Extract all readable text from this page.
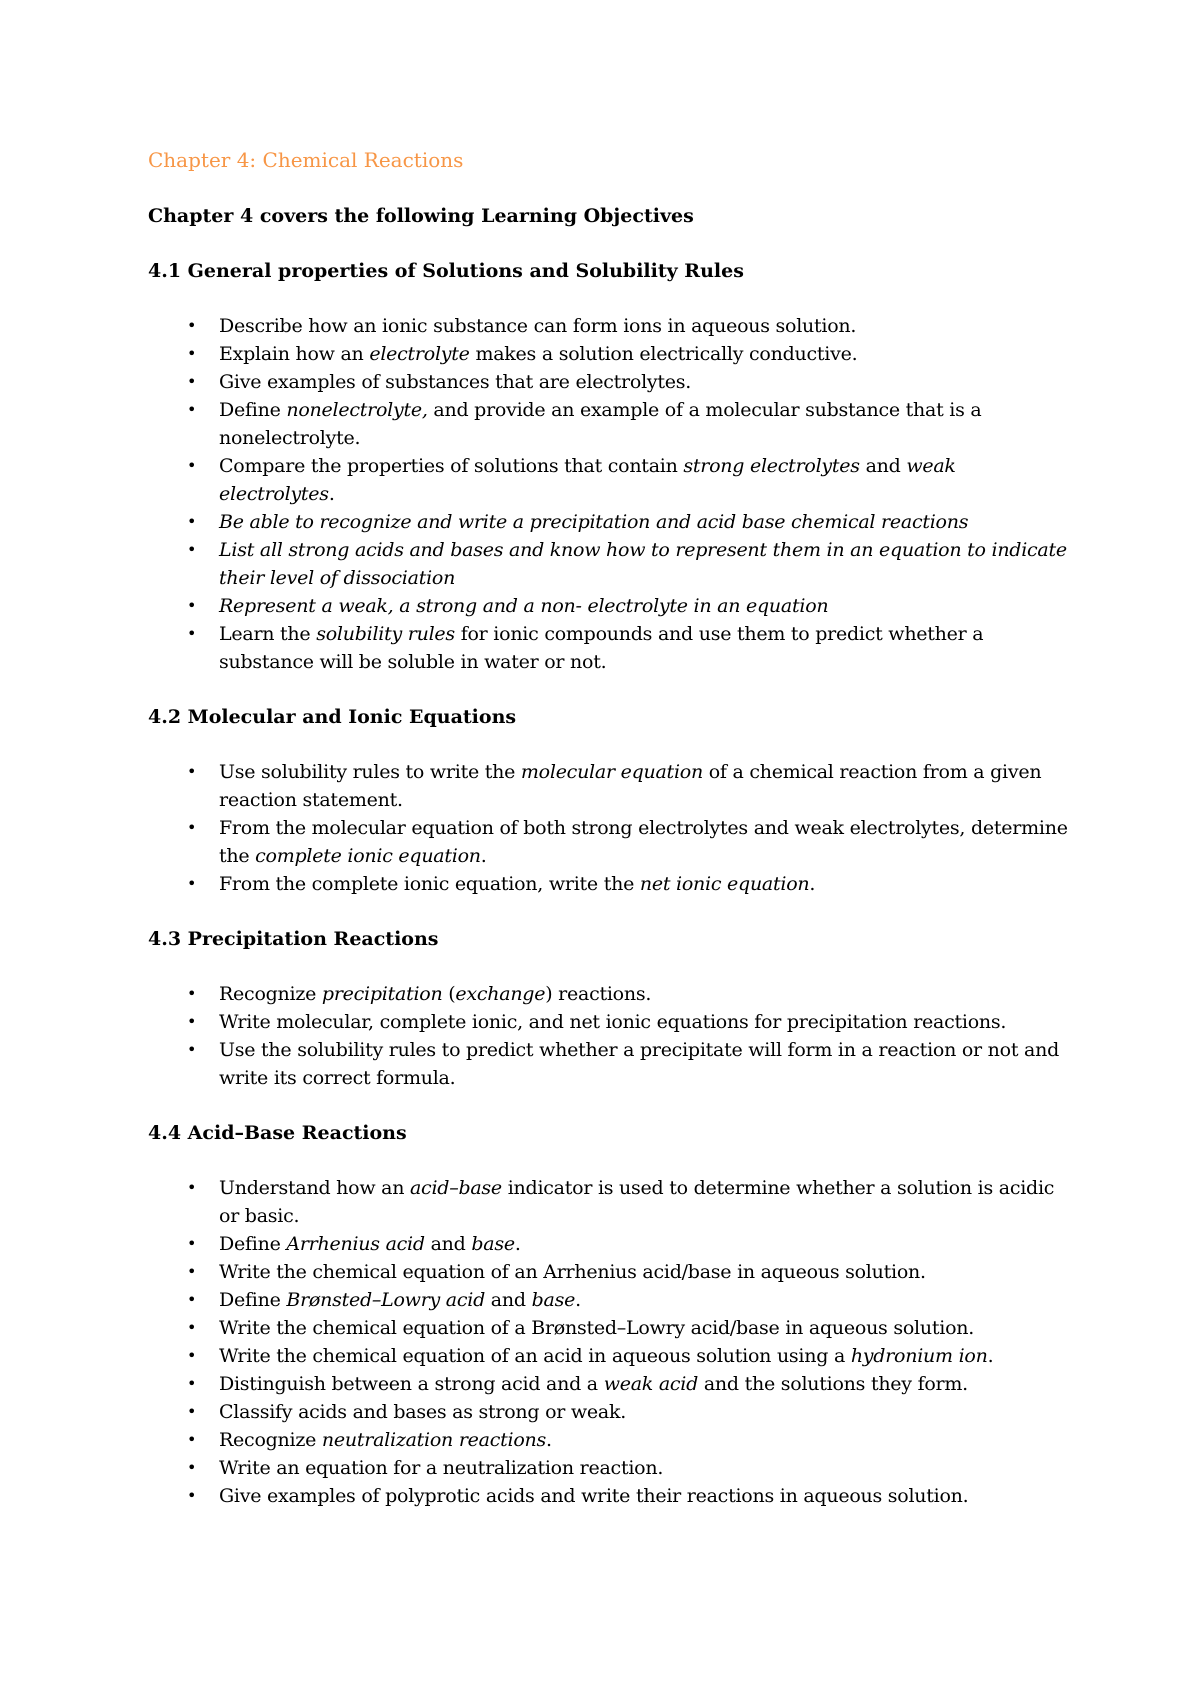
Chapter 4: Chemical Reactions
Chapter 4 covers the following Learning Objectives
4.1 General properties of Solutions and Solubility Rules
• Describe how an ionic substance can form ions in aqueous solution.
• Explain how an electrolyte makes a solution electrically conductive.
• Give examples of substances that are electrolytes.
• Define nonelectrolyte, and provide an example of a molecular substance that is a nonelectrolyte.
• Compare the properties of solutions that contain strong electrolytes and weak electrolytes.
• Be able to recognize and write a precipitation and acid base chemical reactions
• List all strong acids and bases and know how to represent them in an equation to indicate their level of dissociation
• Represent a weak, a strong and a non- electrolyte in an equation
• Learn the solubility rules for ionic compounds and use them to predict whether a substance will be soluble in water or not.
4.2 Molecular and Ionic Equations
• Use solubility rules to write the molecular equation of a chemical reaction from a given reaction statement.
• From the molecular equation of both strong electrolytes and weak electrolytes, determine the complete ionic equation.
• From the complete ionic equation, write the net ionic equation.
4.3 Precipitation Reactions
• Recognize precipitation (exchange) reactions.
• Write molecular, complete ionic, and net ionic equations for precipitation reactions.
• Use the solubility rules to predict whether a precipitate will form in a reaction or not and write its correct formula.
4.4 Acid–Base Reactions
• Understand how an acid–base indicator is used to determine whether a solution is acidic or basic.
• Define Arrhenius acid and base.
• Write the chemical equation of an Arrhenius acid/base in aqueous solution.
• Define Brønsted–Lowry acid and base.
• Write the chemical equation of a Brønsted–Lowry acid/base in aqueous solution.
• Write the chemical equation of an acid in aqueous solution using a hydronium ion.
• Distinguish between a strong acid and a weak acid and the solutions they form.
• Classify acids and bases as strong or weak.
• Recognize neutralization reactions.
• Write an equation for a neutralization reaction.
• Give examples of polyprotic acids and write their reactions in aqueous solution.
